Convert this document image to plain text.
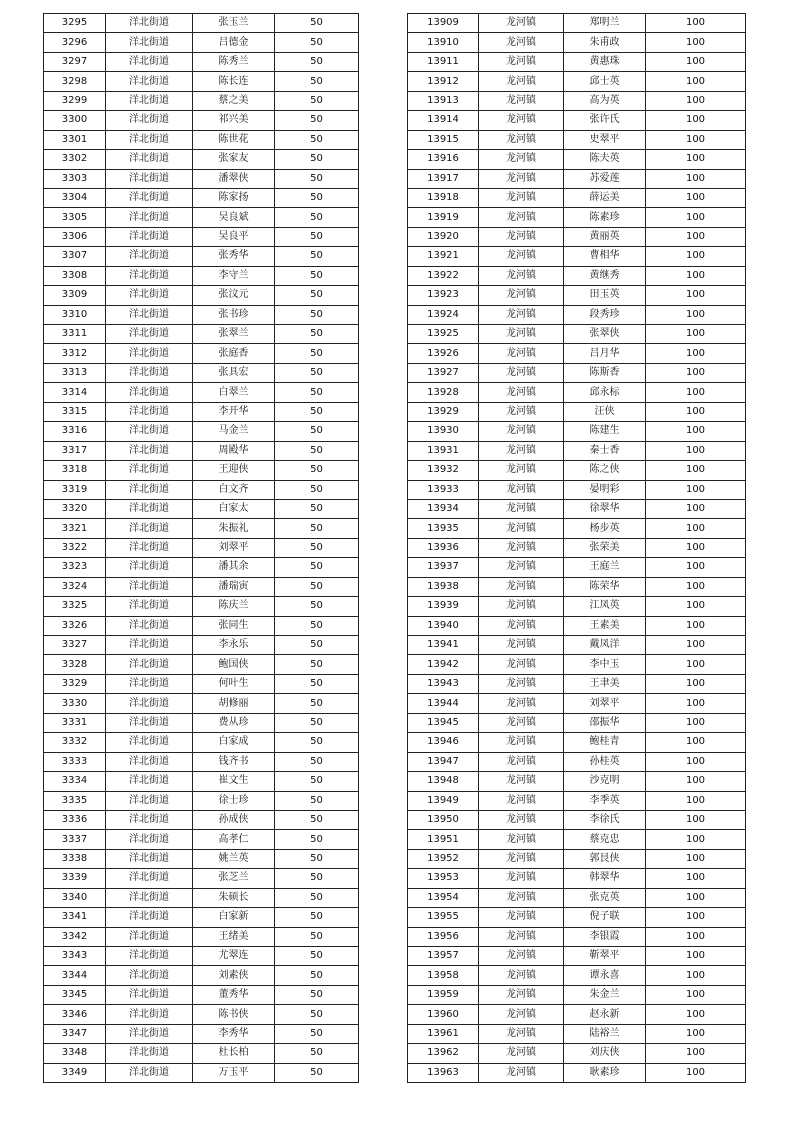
3295	洋北街道	张玉兰	50
3296	洋北街道	吕德金	50
3297	洋北街道	陈秀兰	50
3298	洋北街道	陈长连	50
3299	洋北街道	蔡之美	50
3300	洋北街道	祁兴美	50
3301	洋北街道	陈世花	50
3302	洋北街道	张家友	50
3303	洋北街道	潘翠侠	50
3304	洋北街道	陈家扬	50
3305	洋北街道	吴良斌	50
3306	洋北街道	吴良平	50
3307	洋北街道	张秀华	50
3308	洋北街道	李守兰	50
3309	洋北街道	张汶元	50
3310	洋北街道	张书珍	50
3311	洋北街道	张翠兰	50
3312	洋北街道	张庭香	50
3313	洋北街道	张具宏	50
3314	洋北街道	白翠兰	50
3315	洋北街道	李开华	50
3316	洋北街道	马金兰	50
3317	洋北街道	周殿华	50
3318	洋北街道	王迎侠	50
3319	洋北街道	白文齐	50
3320	洋北街道	白家太	50
3321	洋北街道	朱振礼	50
3322	洋北街道	刘翠平	50
3323	洋北街道	潘其余	50
3324	洋北街道	潘瑞寅	50
3325	洋北街道	陈庆兰	50
3326	洋北街道	张同生	50
3327	洋北街道	李永乐	50
3328	洋北街道	鲍国侠	50
3329	洋北街道	何叶生	50
3330	洋北街道	胡修丽	50
3331	洋北街道	费从珍	50
3332	洋北街道	白家成	50
3333	洋北街道	钱齐书	50
3334	洋北街道	崔文生	50
3335	洋北街道	徐士珍	50
3336	洋北街道	孙成侠	50
3337	洋北街道	高孝仁	50
3338	洋北街道	姚兰英	50
3339	洋北街道	张芝兰	50
3340	洋北街道	朱硕长	50
3341	洋北街道	白家新	50
3342	洋北街道	王绪美	50
3343	洋北街道	尤翠连	50
3344	洋北街道	刘素侠	50
3345	洋北街道	董秀华	50
3346	洋北街道	陈书侠	50
3347	洋北街道	李秀华	50
3348	洋北街道	杜长柏	50
3349	洋北街道	万玉平	50
13909	龙河镇	郑明兰	100
13910	龙河镇	朱甫政	100
13911	龙河镇	黄惠珠	100
13912	龙河镇	邱士英	100
13913	龙河镇	高为英	100
13914	龙河镇	张许氏	100
13915	龙河镇	史翠平	100
13916	龙河镇	陈夫英	100
13917	龙河镇	苏爱莲	100
13918	龙河镇	薛运美	100
13919	龙河镇	陈素珍	100
13920	龙河镇	黄丽英	100
13921	龙河镇	曹相华	100
13922	龙河镇	黄继秀	100
13923	龙河镇	田玉英	100
13924	龙河镇	段秀珍	100
13925	龙河镇	张翠侠	100
13926	龙河镇	吕月华	100
13927	龙河镇	陈斯香	100
13928	龙河镇	邱永标	100
13929	龙河镇	汪侠	100
13930	龙河镇	陈建生	100
13931	龙河镇	秦士香	100
13932	龙河镇	陈之侠	100
13933	龙河镇	晏明彩	100
13934	龙河镇	徐翠华	100
13935	龙河镇	杨步英	100
13936	龙河镇	张荣美	100
13937	龙河镇	王庭兰	100
13938	龙河镇	陈荣华	100
13939	龙河镇	江凤英	100
13940	龙河镇	王素美	100
13941	龙河镇	戴凤洋	100
13942	龙河镇	李中玉	100
13943	龙河镇	王聿美	100
13944	龙河镇	刘翠平	100
13945	龙河镇	邵振华	100
13946	龙河镇	鲍桂青	100
13947	龙河镇	孙桂英	100
13948	龙河镇	沙克明	100
13949	龙河镇	李季英	100
13950	龙河镇	李徐氏	100
13951	龙河镇	蔡克忠	100
13952	龙河镇	郭艮侠	100
13953	龙河镇	韩翠华	100
13954	龙河镇	张克英	100
13955	龙河镇	倪子联	100
13956	龙河镇	李银霞	100
13957	龙河镇	靳翠平	100
13958	龙河镇	谭永喜	100
13959	龙河镇	朱金兰	100
13960	龙河镇	赵永新	100
13961	龙河镇	陆裕兰	100
13962	龙河镇	刘庆侠	100
13963	龙河镇	耿素珍	100
